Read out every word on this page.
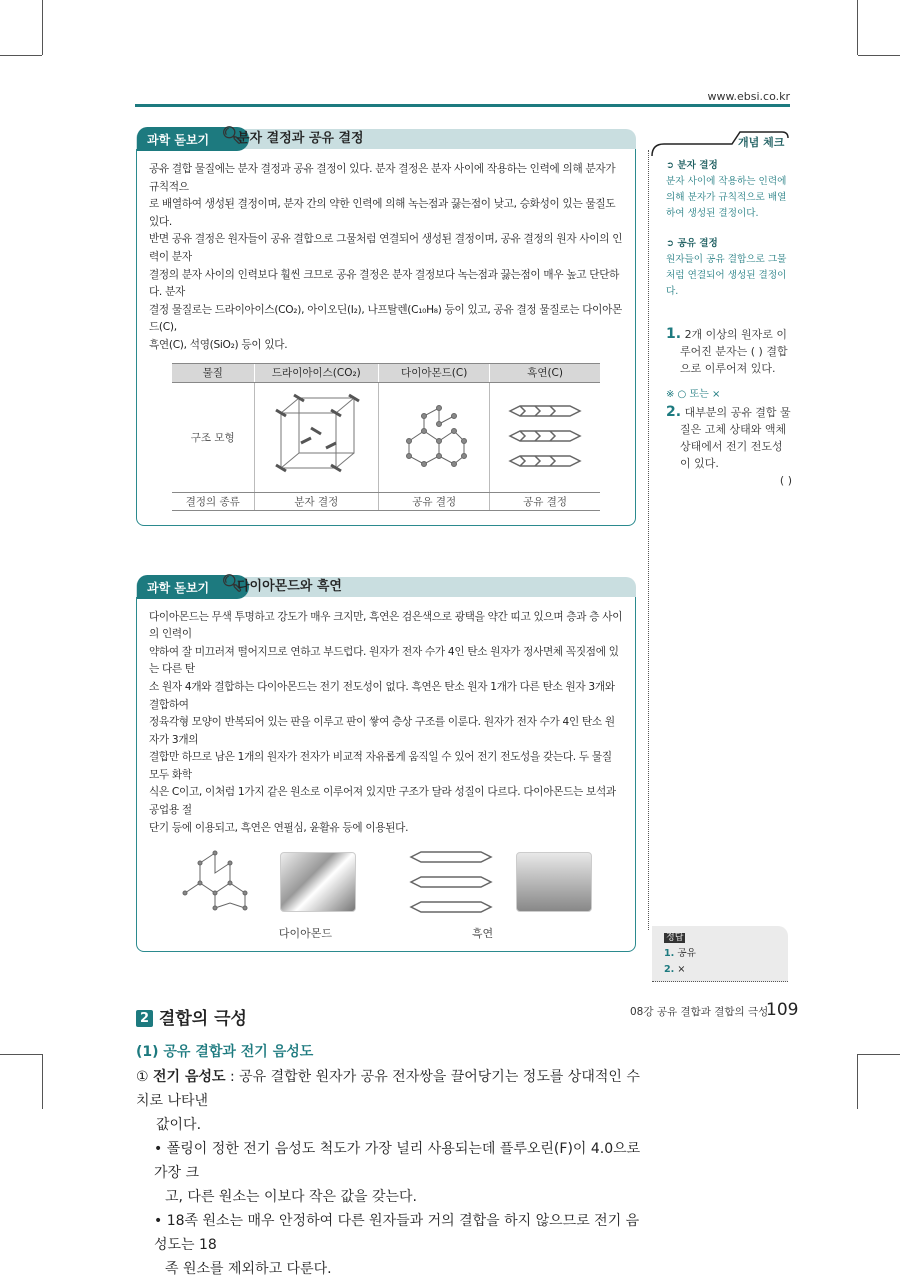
www.ebsi.co.kr
과학 돋보기 🔍︎
분자 결정과 공유 결정
공유 결합 물질에는 분자 결정과 공유 결정이 있다. 분자 결정은 분자 사이에 작용하는 인력에 의해 분자가 규칙적으
로 배열하여 생성된 결정이며, 분자 간의 약한 인력에 의해 녹는점과 끓는점이 낮고, 승화성이 있는 물질도 있다.
반면 공유 결정은 원자들이 공유 결합으로 그물처럼 연결되어 생성된 결정이며, 공유 결정의 원자 사이의 인력이 분자
결정의 분자 사이의 인력보다 훨씬 크므로 공유 결정은 분자 결정보다 녹는점과 끓는점이 매우 높고 단단하다. 분자
결정 물질로는 드라이아이스(CO₂), 아이오딘(I₂), 나프탈렌(C₁₀H₈) 등이 있고, 공유 결정 물질로는 다이아몬드(C),
흑연(C), 석영(SiO₂) 등이 있다.
물질	드라이아이스(CO₂)	다이아몬드(C)	흑연(C)
구조 모형			
결정의 종류	분자 결정	공유 결정	공유 결정
과학 돋보기 🔍︎
다이아몬드와 흑연
다이아몬드는 무색 투명하고 강도가 매우 크지만, 흑연은 검은색으로 광택을 약간 띠고 있으며 층과 층 사이의 인력이
약하여 잘 미끄러져 떨어지므로 연하고 부드럽다. 원자가 전자 수가 4인 탄소 원자가 정사면체 꼭짓점에 있는 다른 탄
소 원자 4개와 결합하는 다이아몬드는 전기 전도성이 없다. 흑연은 탄소 원자 1개가 다른 탄소 원자 3개와 결합하여
정육각형 모양이 반복되어 있는 판을 이루고 판이 쌓여 층상 구조를 이룬다. 원자가 전자 수가 4인 탄소 원자가 3개의
결합만 하므로 남은 1개의 원자가 전자가 비교적 자유롭게 움직일 수 있어 전기 전도성을 갖는다. 두 물질 모두 화학
식은 C이고, 이처럼 1가지 같은 원소로 이루어져 있지만 구조가 달라 성질이 다르다. 다이아몬드는 보석과 공업용 절
단기 등에 이용되고, 흑연은 연필심, 윤활유 등에 이용된다.
다이아몬드	흑연
2 결합의 극성
(1) 공유 결합과 전기 음성도
① 전기 음성도 : 공유 결합한 원자가 공유 전자쌍을 끌어당기는 정도를 상대적인 수치로 나타낸
값이다.
• 폴링이 정한 전기 음성도 척도가 가장 널리 사용되는데 플루오린(F)이 4.0으로 가장 크
고, 다른 원소는 이보다 작은 값을 갖는다.
• 18족 원소는 매우 안정하여 다른 원자들과 거의 결합을 하지 않으므로 전기 음성도는 18
족 원소를 제외하고 다룬다.
개념 체크
➲ 분자 결정
분자 사이에 작용하는 인력에 의해 분자가 규칙적으로 배열하여 생성된 결정이다.
➲ 공유 결정
원자들이 공유 결합으로 그물처럼 연결되어 생성된 결정이다.
1. 2개 이상의 원자로 이루어진 분자는 ( ) 결합으로 이루어져 있다.
※ ○ 또는 ×
2. 대부분의 공유 결합 물질은 고체 상태와 액체 상태에서 전기 전도성이 있다.
( )
정답
1. 공유
2. ×
08강 공유 결합과 결합의 극성
109
